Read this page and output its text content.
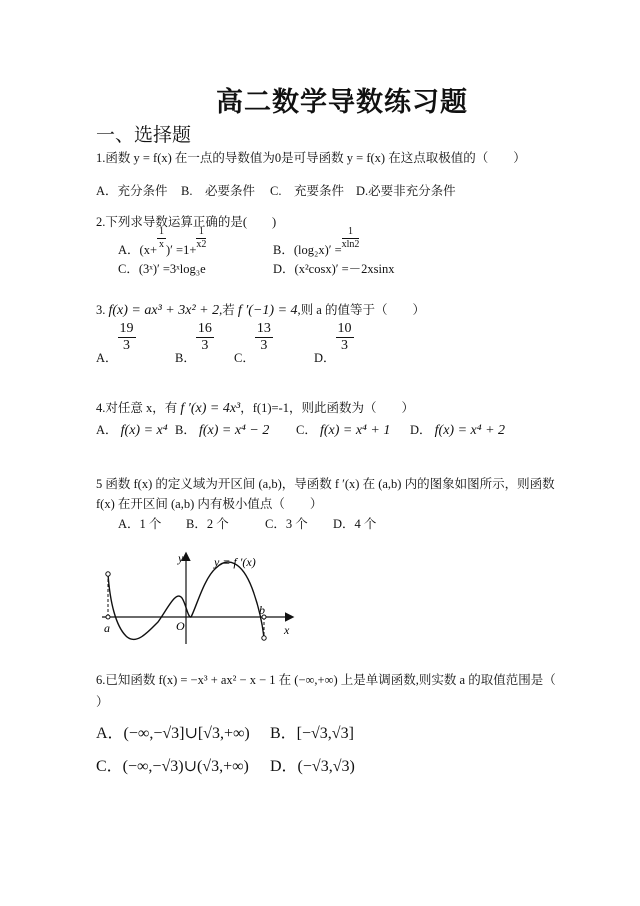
高二数学导数练习题
一、选择题
1.函数 y = f(x) 在一点的导数值为0是可导函数 y = f(x) 在这点取极值的（　　）
A．充分条件 B.　必要条件 C.　充要条件 D.必要非充分条件
2.下列求导数运算正确的是(　　)
A．(x+
$\frac{1}{x}$
)′ =1+
$\frac{1}{x2}$
B．(log₂x)′ =
$\frac{1}{xln2}$
C．(3ˣ)′ =3ˣlog₃e	D．(x²cosx)′ =－2xsinx
3. f(x) = ax³ + 3x² + 2,若 f ′(−1) = 4,则 a 的值等于（　　）
A．
$\frac{19}{3}$
B．
$\frac{16}{3}$
C．
$\frac{13}{3}$
D．
$\frac{10}{3}$
4.对任意 x，有 f ′(x) = 4x³，f(1)=-1，则此函数为（　　）
A． f(x) = x⁴ B． f(x) = x⁴ − 2 C． f(x) = x⁴ + 1 D． f(x) = x⁴ + 2
5 函数 f(x) 的定义域为开区间 (a,b)，导函数 f ′(x) 在 (a,b) 内的图象如图所示，则函数
f(x) 在开区间 (a,b) 内有极小值点（　　）
A．1 个 B．2 个	C．3 个 D．4 个
y
x
O
a
b
y = f ′(x)
6.已知函数 f(x) = −x³ + ax² − x − 1 在 (−∞,+∞) 上是单调函数,则实数 a 的取值范围是（
）
A．(−∞,−√3]∪[√3,+∞) B．[−√3,√3]
C．(−∞,−√3)∪(√3,+∞) D．(−√3,√3)
